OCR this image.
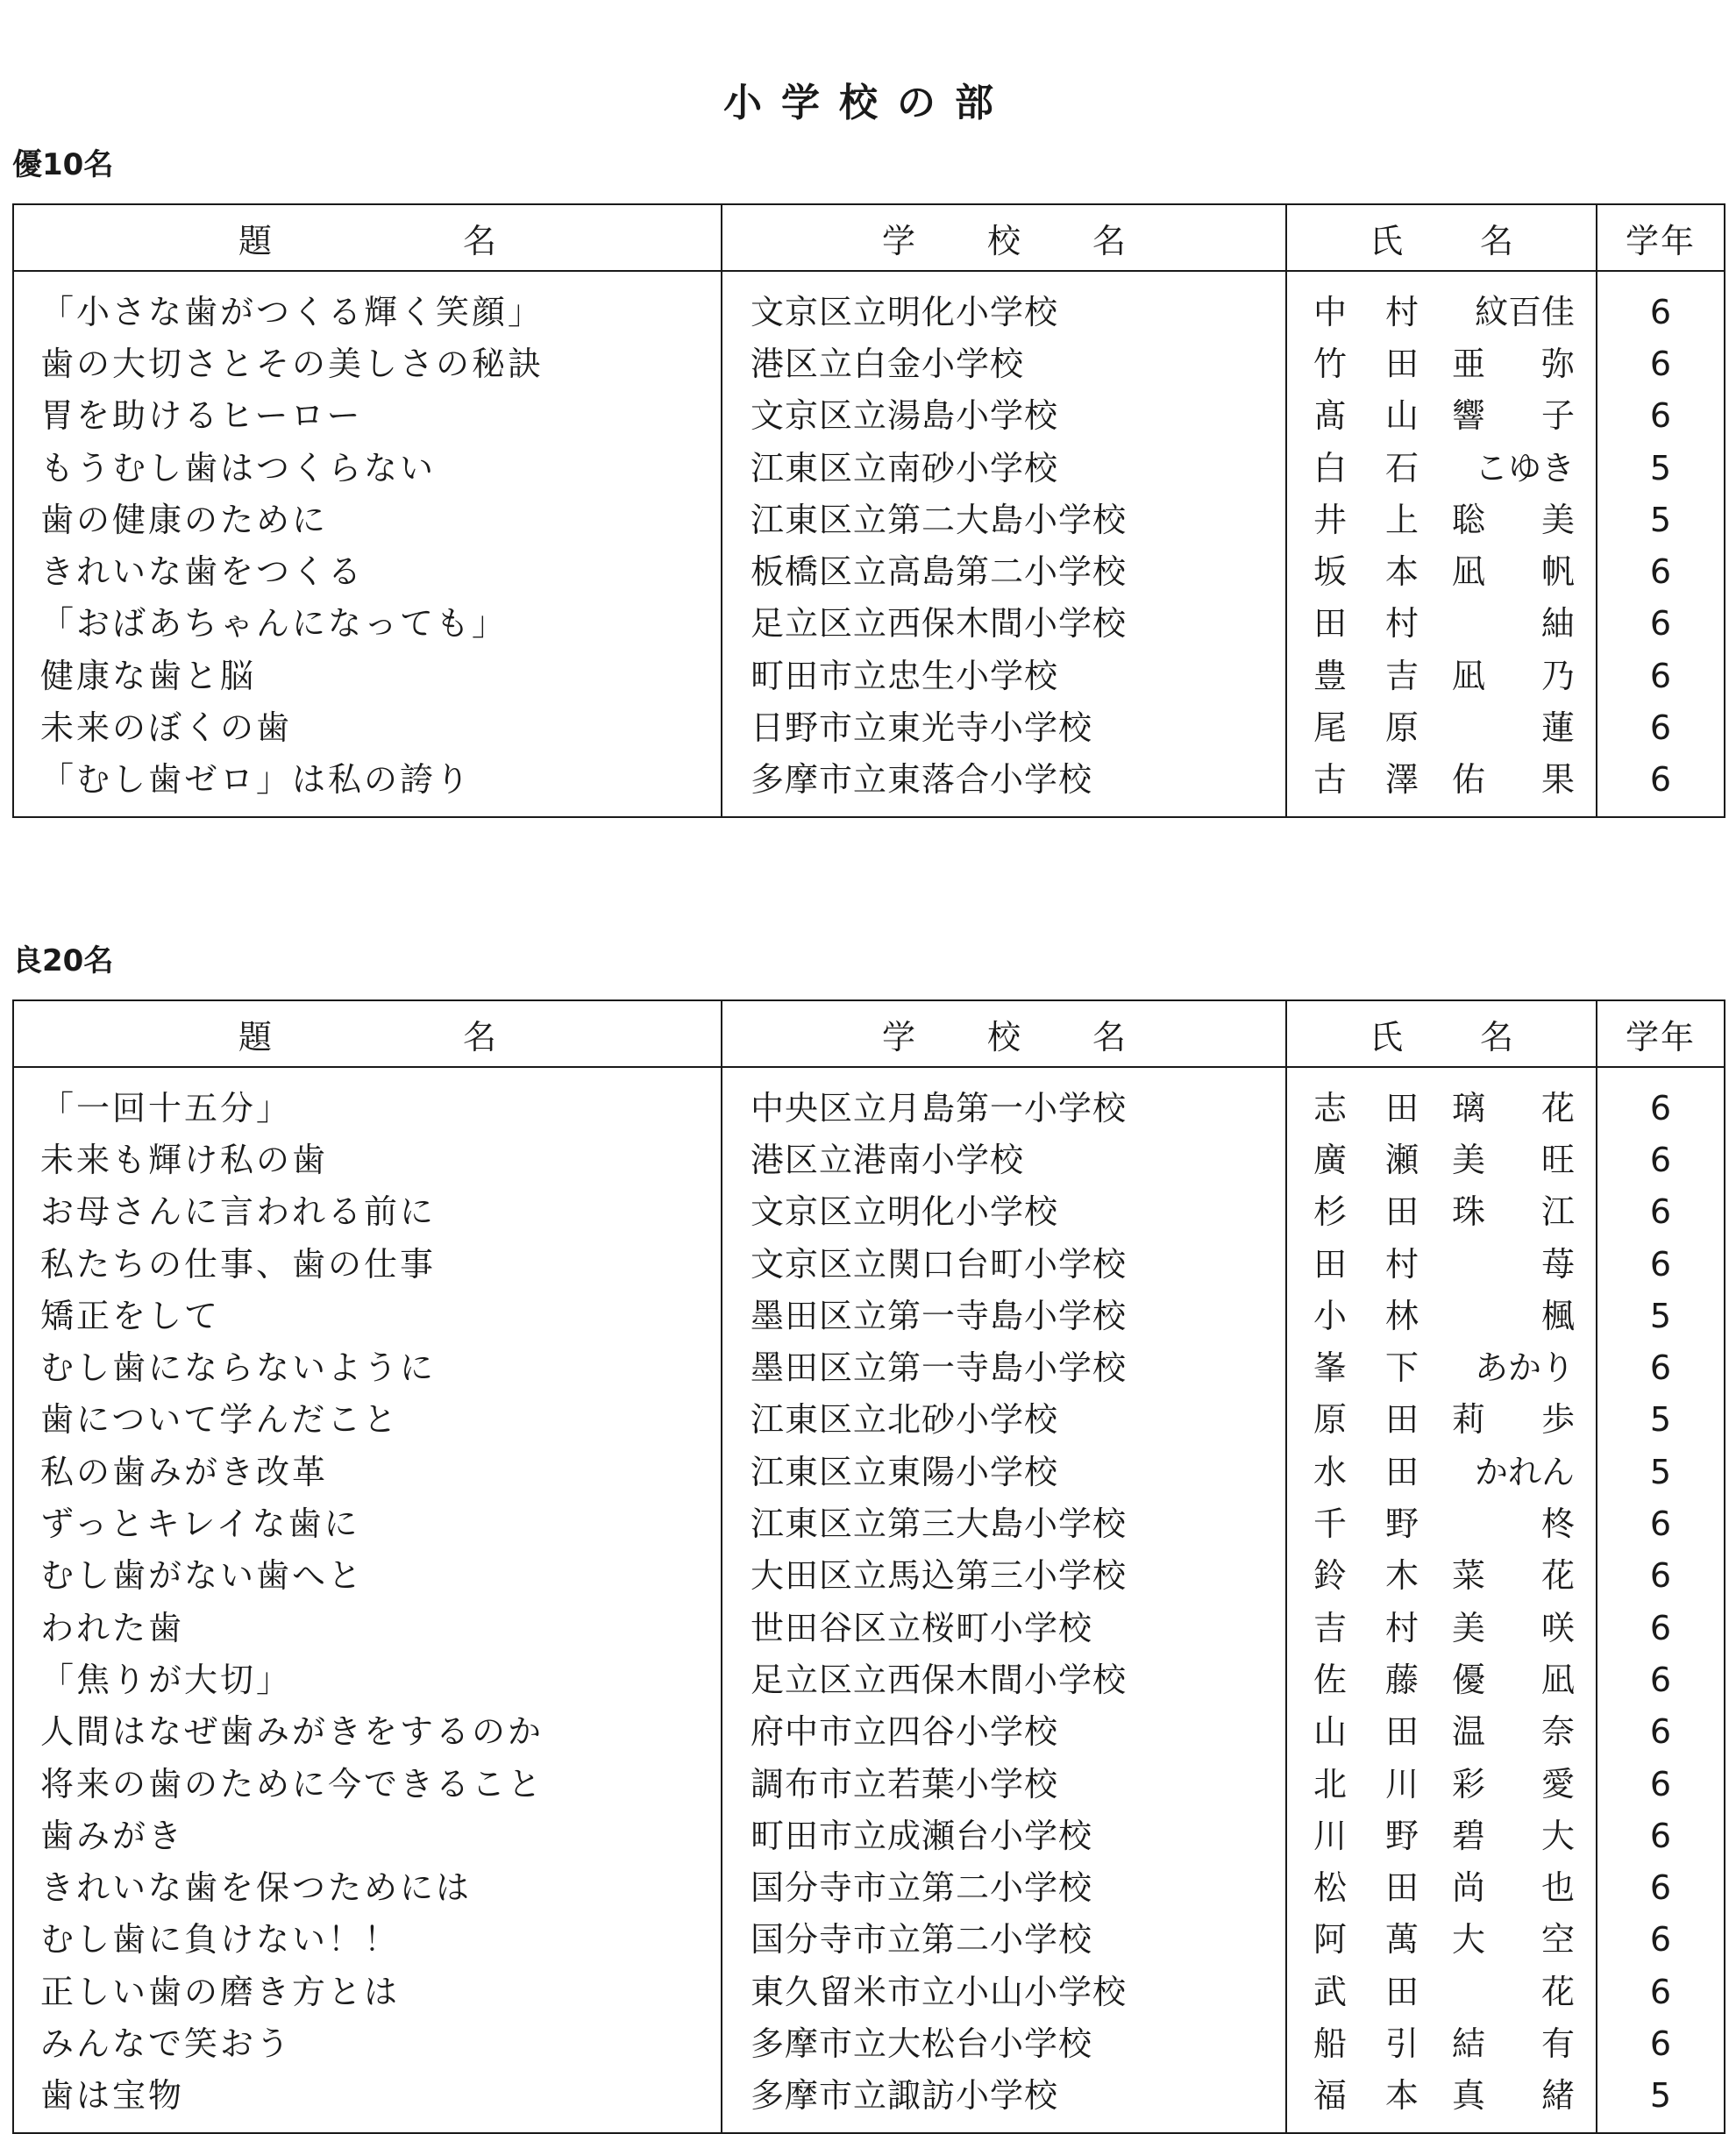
小学校の部
優10名
題名	学校名	氏名	学年
「小さな歯がつくる輝く笑顔」	文京区立明化小学校	中 村 紋 百 佳	6
歯の大切さとその美しさの秘訣	港区立白金小学校	竹 田 亜 弥	6
胃を助けるヒーロー	文京区立湯島小学校	髙 山 響 子	6
もうむし歯はつくらない	江東区立南砂小学校	白 石 こ ゆ き	5
歯の健康のために	江東区立第二大島小学校	井 上 聡 美	5
きれいな歯をつくる	板橋区立高島第二小学校	坂 本 凪 帆	6
「おばあちゃんになっても」	足立区立西保木間小学校	田 村 紬	6
健康な歯と脳	町田市立忠生小学校	豊 吉 凪 乃	6
未来のぼくの歯	日野市立東光寺小学校	尾 原 蓮	6
「むし歯ゼロ」は私の誇り	多摩市立東落合小学校	古 澤 佑 果	6
良20名
題名	学校名	氏名	学年
「一回十五分」	中央区立月島第一小学校	志 田 璃 花	6
未来も輝け私の歯	港区立港南小学校	廣 瀬 美 旺	6
お母さんに言われる前に	文京区立明化小学校	杉 田 珠 江	6
私たちの仕事、歯の仕事	文京区立関口台町小学校	田 村 苺	6
矯正をして	墨田区立第一寺島小学校	小 林 楓	5
むし歯にならないように	墨田区立第一寺島小学校	峯 下 あ か り	6
歯について学んだこと	江東区立北砂小学校	原 田 莉 歩	5
私の歯みがき改革	江東区立東陽小学校	水 田 か れ ん	5
ずっとキレイな歯に	江東区立第三大島小学校	千 野 柊	6
むし歯がない歯へと	大田区立馬込第三小学校	鈴 木 菜 花	6
われた歯	世田谷区立桜町小学校	吉 村 美 咲	6
「焦りが大切」	足立区立西保木間小学校	佐 藤 優 凪	6
人間はなぜ歯みがきをするのか	府中市立四谷小学校	山 田 温 奈	6
将来の歯のために今できること	調布市立若葉小学校	北 川 彩 愛	6
歯みがき	町田市立成瀬台小学校	川 野 碧 大	6
きれいな歯を保つためには	国分寺市立第二小学校	松 田 尚 也	6
むし歯に負けない！！	国分寺市立第二小学校	阿 萬 大 空	6
正しい歯の磨き方とは	東久留米市立小山小学校	武 田 花	6
みんなで笑おう	多摩市立大松台小学校	船 引 結 有	6
歯は宝物	多摩市立諏訪小学校	福 本 真 緒	5
